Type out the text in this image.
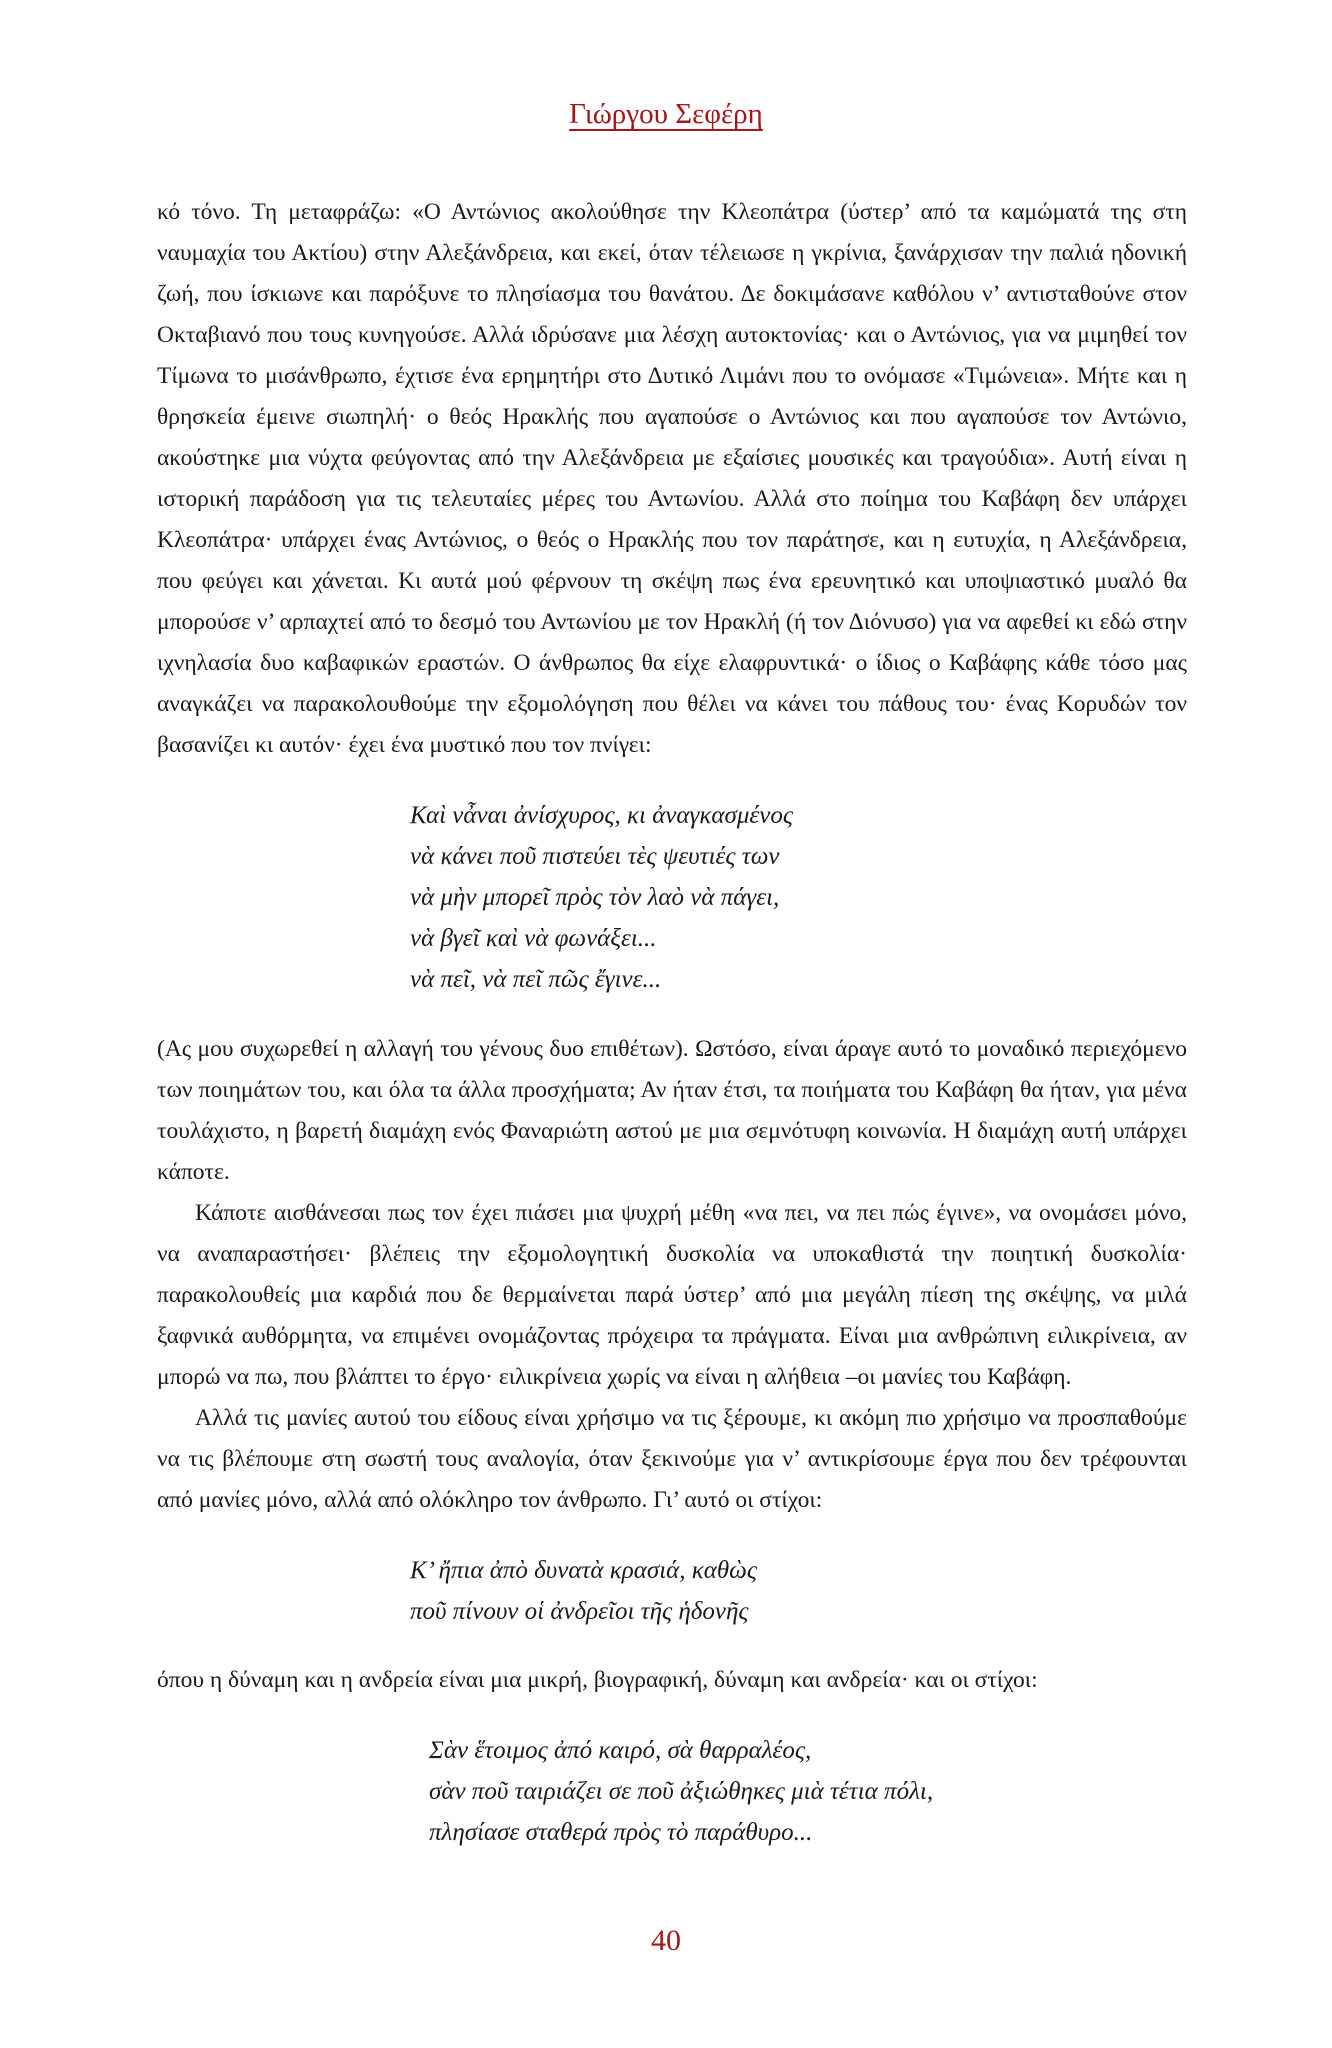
Γιώργου Σεφέρη

κό τόνο. Τη μεταφράζω: «Ο Αντώνιος ακολούθησε την Κλεοπάτρα (ύστερ’ από τα καμώματά της στη ναυμαχία του Ακτίου) στην Αλεξάνδρεια, και εκεί, όταν τέλειωσε η γκρίνια, ξανάρχισαν την παλιά ηδονική ζωή, που ίσκιωνε και παρόξυνε το πλησίασμα του θανάτου. Δε δοκιμάσανε καθόλου ν’ αντισταθούνε στον Οκταβιανό που τους κυνηγούσε. Αλλά ιδρύσανε μια λέσχη αυτοκτονίας· και ο Αντώνιος, για να μιμηθεί τον Τίμωνα το μισάνθρωπο, έχτισε ένα ερημητήρι στο Δυτικό Λιμάνι που το ονόμασε «Τιμώνεια». Μήτε και η θρησκεία έμεινε σιωπηλή· ο θεός Ηρακλής που αγαπούσε ο Αντώνιος και που αγαπούσε τον Αντώνιο, ακούστηκε μια νύχτα φεύγοντας από την Αλεξάνδρεια με εξαίσιες μουσικές και τραγούδια». Αυτή είναι η ιστορική παράδοση για τις τελευταίες μέρες του Αντωνίου. Αλλά στο ποίημα του Καβάφη δεν υπάρχει Κλεοπάτρα· υπάρχει ένας Αντώνιος, ο θεός ο Ηρακλής που τον παράτησε, και η ευτυχία, η Αλεξάνδρεια, που φεύγει και χάνεται. Κι αυτά μού φέρνουν τη σκέψη πως ένα ερευνητικό και υποψιαστικό μυαλό θα μπορούσε ν’ αρπαχτεί από το δεσμό του Αντωνίου με τον Ηρακλή (ή τον Διόνυσο) για να αφεθεί κι εδώ στην ιχνηλασία δυο καβαφικών εραστών. Ο άνθρωπος θα είχε ελαφρυντικά· ο ίδιος ο Καβάφης κάθε τόσο μας αναγκάζει να παρακολουθούμε την εξομολόγηση που θέλει να κάνει του πάθους του· ένας Κορυδών τον βασανίζει κι αυτόν· έχει ένα μυστικό που τον πνίγει:

Καὶ νἆναι ἀνίσχυρος, κι ἀναγκασμένος
νὰ κάνει ποῦ πιστεύει τὲς ψευτιές των
νὰ μὴν μπορεῖ πρὸς τὸν λαὸ νὰ πάγει,
νὰ βγεῖ καὶ νὰ φωνάξει...
νὰ πεῖ, νὰ πεῖ πῶς ἔγινε...

(Ας μου συχωρεθεί η αλλαγή του γένους δυο επιθέτων). Ωστόσο, είναι άραγε αυτό το μοναδικό περιεχόμενο των ποιημάτων του, και όλα τα άλλα προσχήματα; Αν ήταν έτσι, τα ποιήματα του Καβάφη θα ήταν, για μένα τουλάχιστο, η βαρετή διαμάχη ενός Φαναριώτη αστού με μια σεμνότυφη κοινωνία. Η διαμάχη αυτή υπάρχει κάποτε.

Κάποτε αισθάνεσαι πως τον έχει πιάσει μια ψυχρή μέθη «να πει, να πει πώς έγινε», να ονομάσει μόνο, να αναπαραστήσει· βλέπεις την εξομολογητική δυσκολία να υποκαθιστά την ποιητική δυσκολία· παρακολουθείς μια καρδιά που δε θερμαίνεται παρά ύστερ’ από μια μεγάλη πίεση της σκέψης, να μιλά ξαφνικά αυθόρμητα, να επιμένει ονομάζοντας πρόχειρα τα πράγματα. Είναι μια ανθρώπινη ειλικρίνεια, αν μπορώ να πω, που βλάπτει το έργο· ειλικρίνεια χωρίς να είναι η αλήθεια –οι μανίες του Καβάφη.

Αλλά τις μανίες αυτού του είδους είναι χρήσιμο να τις ξέρουμε, κι ακόμη πιο χρήσιμο να προσπαθούμε να τις βλέπουμε στη σωστή τους αναλογία, όταν ξεκινούμε για ν’ αντικρίσουμε έργα που δεν τρέφουνται από μανίες μόνο, αλλά από ολόκληρο τον άνθρωπο. Γι’ αυτό οι στίχοι:

Κ’ ἤπια ἀπὸ δυνατὰ κρασιά, καθὼς
ποῦ πίνουν οἱ ἀνδρεῖοι τῆς ἡδονῆς

όπου η δύναμη και η ανδρεία είναι μια μικρή, βιογραφική, δύναμη και ανδρεία· και οι στίχοι:

Σὰν ἕτοιμος ἀπό καιρό, σὰ θαρραλέος,
σὰν ποῦ ταιριάζει σε ποῦ ἀξιώθηκες μιὰ τέτια πόλι,
πλησίασε σταθερά πρὸς τὸ παράθυρο...
40
